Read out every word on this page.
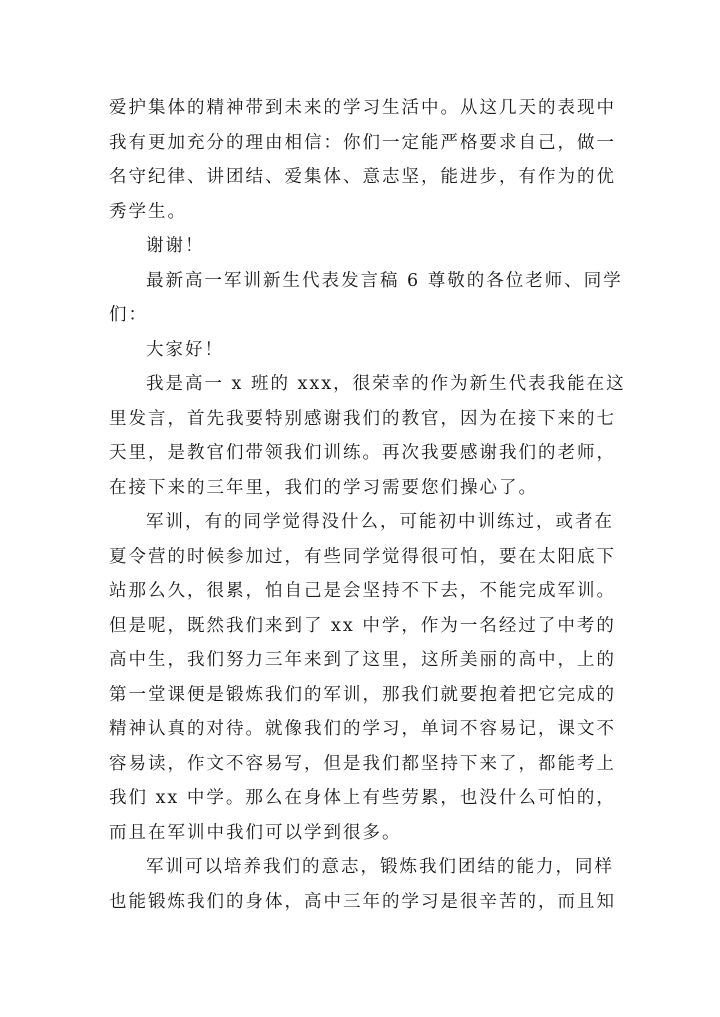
爱护集体的精神带到未来的学习生活中。从这几天的表现中
我有更加充分的理由相信：你们一定能严格要求自己，做一
名守纪律、讲团结、爱集体、意志坚，能进步，有作为的优
秀学生。
谢谢！
最新高一军训新生代表发言稿 6 尊敬的各位老师、同学
们：
大家好！
我是高一 x 班的 xxx，很荣幸的作为新生代表我能在这
里发言，首先我要特别感谢我们的教官，因为在接下来的七
天里，是教官们带领我们训练。再次我要感谢我们的老师，
在接下来的三年里，我们的学习需要您们操心了。
军训，有的同学觉得没什么，可能初中训练过，或者在
夏令营的时候参加过，有些同学觉得很可怕，要在太阳底下
站那么久，很累，怕自己是会坚持不下去，不能完成军训。
但是呢，既然我们来到了 xx 中学，作为一名经过了中考的
高中生，我们努力三年来到了这里，这所美丽的高中，上的
第一堂课便是锻炼我们的军训，那我们就要抱着把它完成的
精神认真的对待。就像我们的学习，单词不容易记，课文不
容易读，作文不容易写，但是我们都坚持下来了，都能考上
我们 xx 中学。那么在身体上有些劳累，也没什么可怕的，
而且在军训中我们可以学到很多。
军训可以培养我们的意志，锻炼我们团结的能力，同样
也能锻炼我们的身体，高中三年的学习是很辛苦的，而且知
